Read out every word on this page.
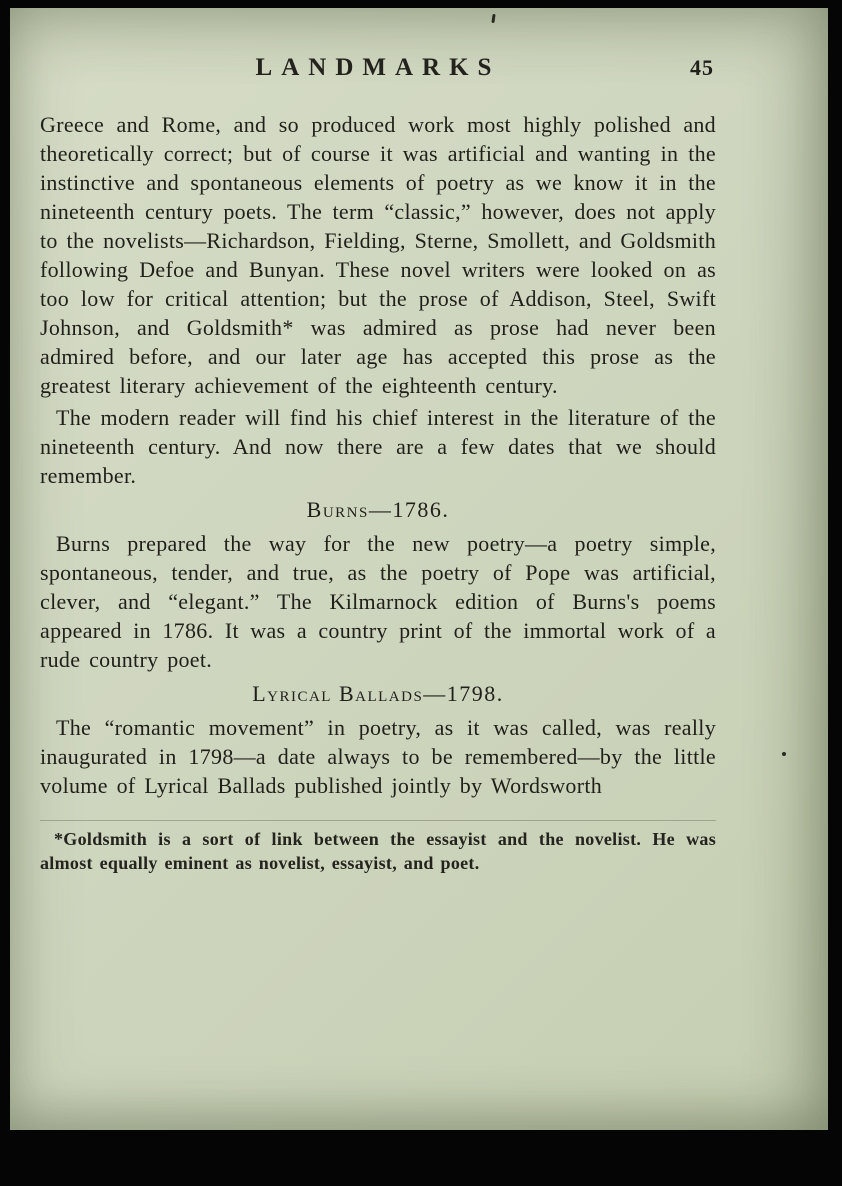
LANDMARKS	45

Greece and Rome, and so produced work most highly polished and theoretically correct; but of course it was artificial and wanting in the instinctive and spontaneous elements of poetry as we know it in the nineteenth century poets. The term “classic,” however, does not apply to the novelists—Richardson, Fielding, Sterne, Smollett, and Goldsmith following Defoe and Bunyan. These novel writers were looked on as too low for critical attention; but the prose of Addison, Steel, Swift Johnson, and Goldsmith* was admired as prose had never been admired before, and our later age has accepted this prose as the greatest literary achievement of the eighteenth century.

The modern reader will find his chief interest in the literature of the nineteenth century. And now there are a few dates that we should remember.

Burns—1786.

Burns prepared the way for the new poetry—a poetry simple, spontaneous, tender, and true, as the poetry of Pope was artificial, clever, and “elegant.” The Kilmarnock edition of Burns's poems appeared in 1786. It was a country print of the immortal work of a rude country poet.

Lyrical Ballads—1798.

The “romantic movement” in poetry, as it was called, was really inaugurated in 1798—a date always to be remembered—by the little volume of Lyrical Ballads published jointly by Wordsworth

*Goldsmith is a sort of link between the essayist and the novelist. He was almost equally eminent as novelist, essayist, and poet.
